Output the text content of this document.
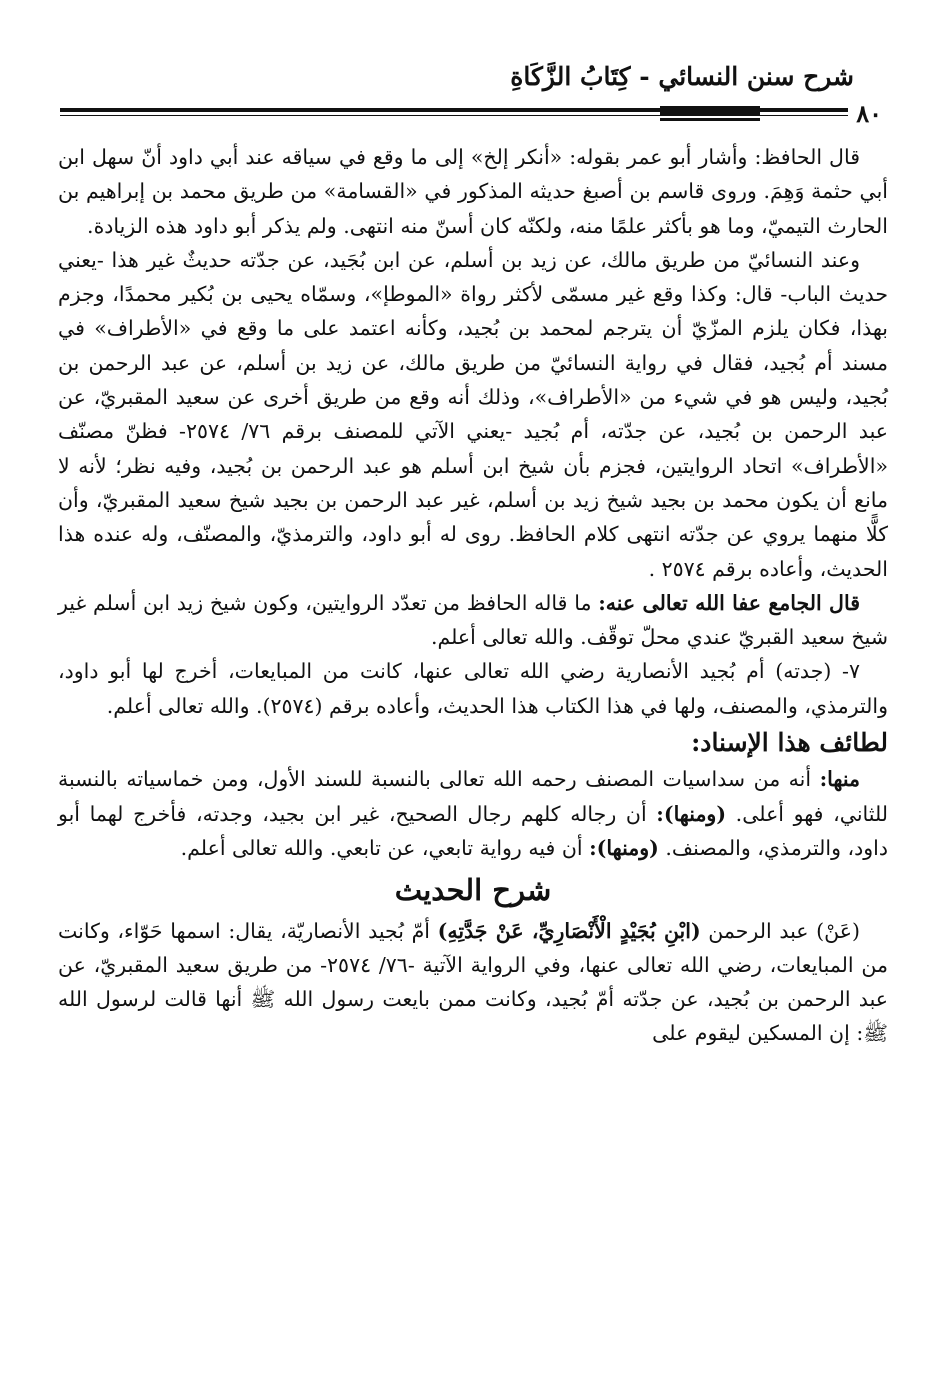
شرح سنن النسائي - كِتَابُ الزَّكَاةِ
٨٠

قال الحافظ: وأشار أبو عمر بقوله: «أنكر إلخ» إلى ما وقع في سياقه عند أبي داود أنّ سهل ابن أبي حثمة وَهِمَ. وروى قاسم بن أصبغ حديثه المذكور في «القسامة» من طريق محمد بن إبراهيم بن الحارث التيميّ، وما هو بأكثر علمًا منه، ولكنّه كان أسنّ منه انتهى. ولم يذكر أبو داود هذه الزيادة.

وعند النسائيّ من طريق مالك، عن زيد بن أسلم، عن ابن بُجَيد، عن جدّته حديثٌ غير هذا -يعني حديث الباب- قال: وكذا وقع غير مسمّى لأكثر رواة «الموطإ»، وسمّاه يحيى بن بُكير محمدًا، وجزم بهذا، فكان يلزم المزّيّ أن يترجم لمحمد بن بُجيد، وكأنه اعتمد على ما وقع في «الأطراف» في مسند أم بُجيد، فقال في رواية النسائيّ من طريق مالك، عن زيد بن أسلم، عن عبد الرحمن بن بُجيد، وليس هو في شيء من «الأطراف»، وذلك أنه وقع من طريق أخرى عن سعيد المقبريّ، عن عبد الرحمن بن بُجيد، عن جدّته، أم بُجيد -يعني الآتي للمصنف برقم ٧٦/ ٢٥٧٤- فظنّ مصنّف «الأطراف» اتحاد الروايتين، فجزم بأن شيخ ابن أسلم هو عبد الرحمن بن بُجيد، وفيه نظر؛ لأنه لا مانع أن يكون محمد بن بجيد شيخ زيد بن أسلم، غير عبد الرحمن بن بجيد شيخ سعيد المقبريّ، وأن كلًّا منهما يروي عن جدّته انتهى كلام الحافظ. روى له أبو داود، والترمذيّ، والمصنّف، وله عنده هذا الحديث، وأعاده برقم ٢٥٧٤ .

قال الجامع عفا الله تعالى عنه: ما قاله الحافظ من تعدّد الروايتين، وكون شيخ زيد ابن أسلم غير شيخ سعيد القبريّ عندي محلّ توقّف. والله تعالى أعلم.

٧- (جدته) أم بُجيد الأنصارية رضي الله تعالى عنها، كانت من المبايعات، أخرج لها أبو داود، والترمذي، والمصنف، ولها في هذا الكتاب هذا الحديث، وأعاده برقم (٢٥٧٤). والله تعالى أعلم.

لطائف هذا الإسناد:

منها: أنه من سداسيات المصنف رحمه الله تعالى بالنسبة للسند الأول، ومن خماسياته بالنسبة للثاني، فهو أعلى. (ومنها): أن رجاله كلهم رجال الصحيح، غير ابن بجيد، وجدته، فأخرج لهما أبو داود، والترمذي، والمصنف. (ومنها): أن فيه رواية تابعي، عن تابعي. والله تعالى أعلم.

شرح الحديث

(عَنْ) عبد الرحمن (ابْنِ بُجَيْدٍ الْأَنْصَارِيِّ، عَنْ جَدَّتِهِ) أمّ بُجيد الأنصاريّة، يقال: اسمها حَوّاء، وكانت من المبايعات، رضي الله تعالى عنها، وفي الرواية الآتية -٧٦/ ٢٥٧٤- من طريق سعيد المقبريّ، عن عبد الرحمن بن بُجيد، عن جدّته أمّ بُجيد، وكانت ممن بايعت رسول الله ﷺ أنها قالت لرسول الله ﷺ: إن المسكين ليقوم على
